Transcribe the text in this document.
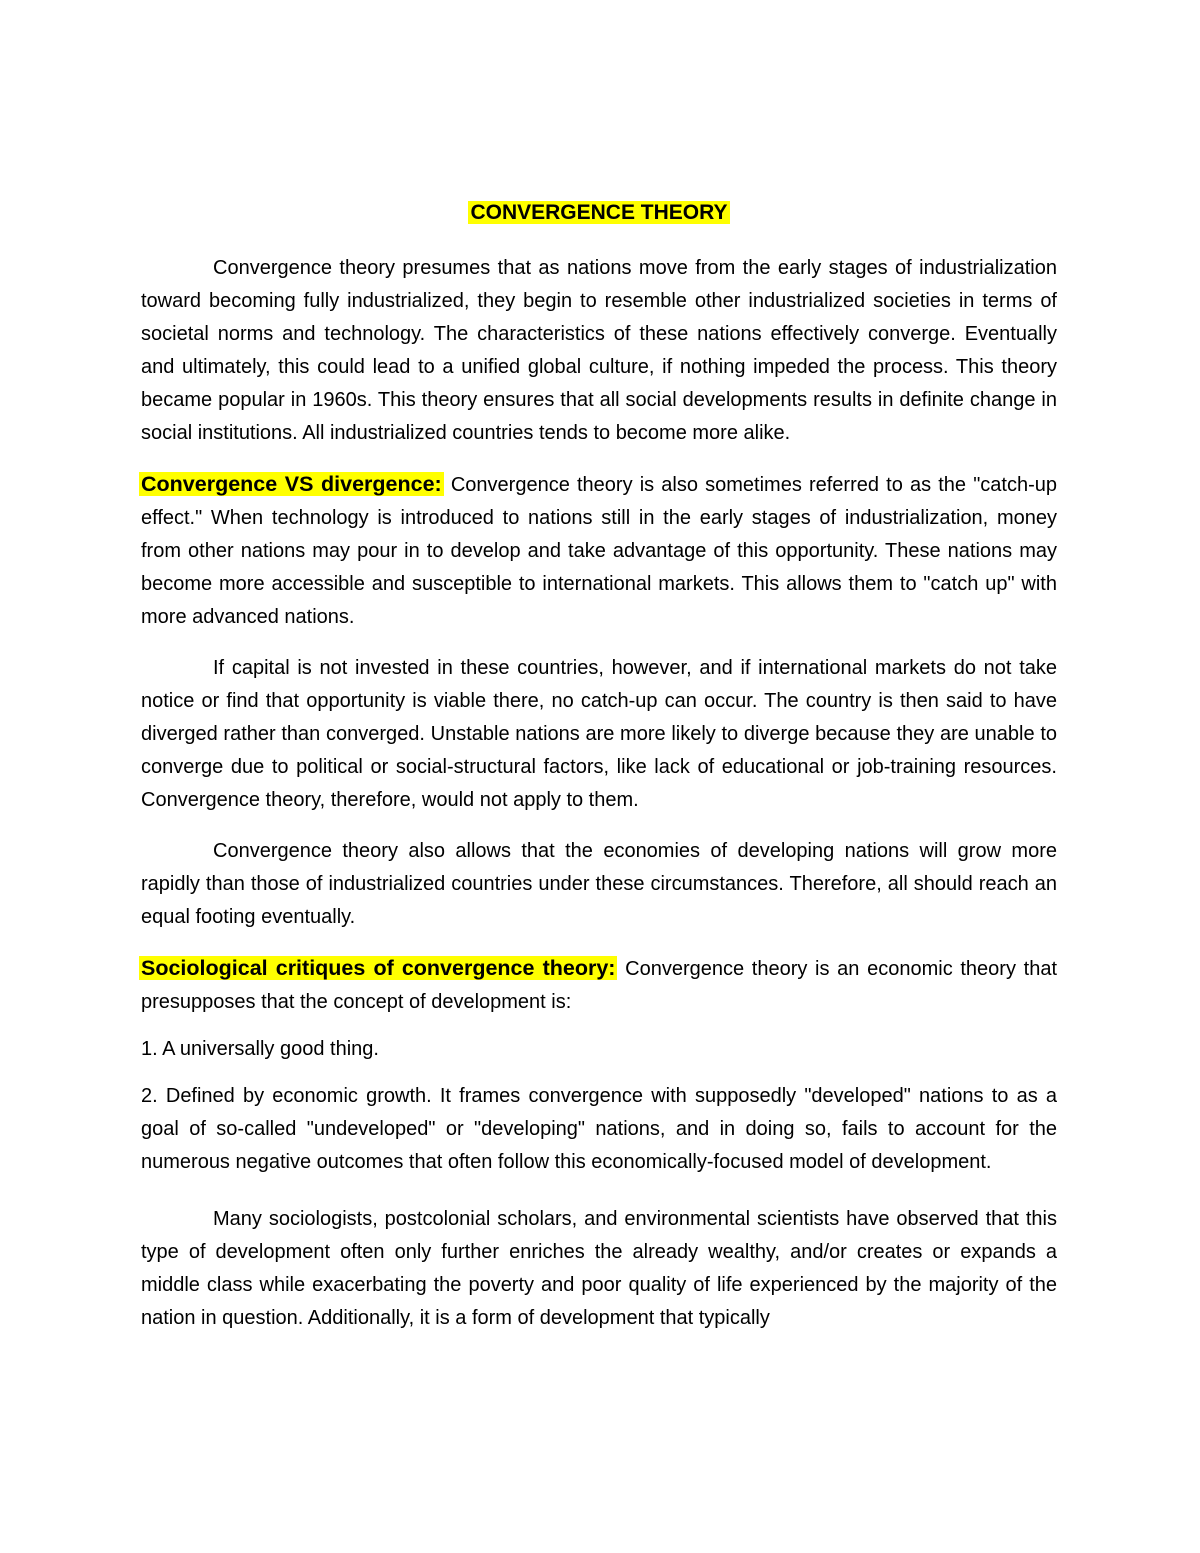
CONVERGENCE THEORY

Convergence theory presumes that as nations move from the early stages of industrialization toward becoming fully industrialized, they begin to resemble other industrialized societies in terms of societal norms and technology. The characteristics of these nations effectively converge. Eventually and ultimately, this could lead to a unified global culture, if nothing impeded the process. This theory became popular in 1960s. This theory ensures that all social developments results in definite change in social institutions. All industrialized countries tends to become more alike.

Convergence VS divergence: Convergence theory is also sometimes referred to as the "catch-up effect." When technology is introduced to nations still in the early stages of industrialization, money from other nations may pour in to develop and take advantage of this opportunity. These nations may become more accessible and susceptible to international markets. This allows them to "catch up" with more advanced nations.

If capital is not invested in these countries, however, and if international markets do not take notice or find that opportunity is viable there, no catch-up can occur. The country is then said to have diverged rather than converged. Unstable nations are more likely to diverge because they are unable to converge due to political or social-structural factors, like lack of educational or job-training resources. Convergence theory, therefore, would not apply to them.

Convergence theory also allows that the economies of developing nations will grow more rapidly than those of industrialized countries under these circumstances. Therefore, all should reach an equal footing eventually.

Sociological critiques of convergence theory: Convergence theory is an economic theory that presupposes that the concept of development is:

1. A universally good thing.

2. Defined by economic growth. It frames convergence with supposedly "developed" nations to as a goal of so-called "undeveloped" or "developing" nations, and in doing so, fails to account for the numerous negative outcomes that often follow this economically-focused model of development.

Many sociologists, postcolonial scholars, and environmental scientists have observed that this type of development often only further enriches the already wealthy, and/or creates or expands a middle class while exacerbating the poverty and poor quality of life experienced by the majority of the nation in question. Additionally, it is a form of development that typically
